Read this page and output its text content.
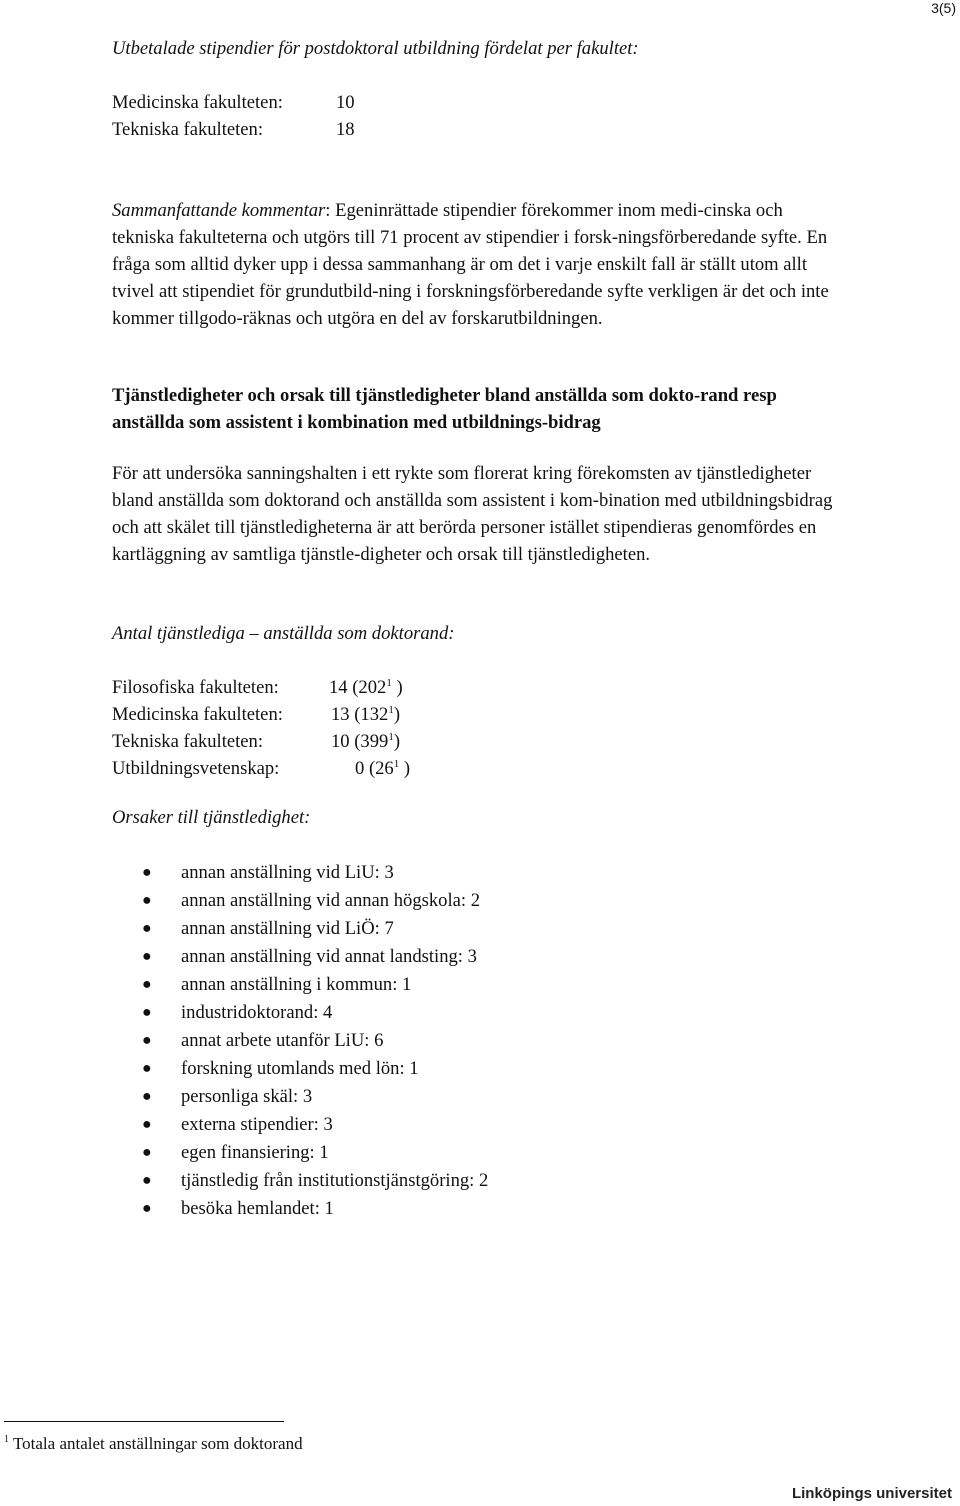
3(5)

Utbetalade stipendier för postdoktoral utbildning fördelat per fakultet:

Medicinska fakulteten:	10
Tekniska fakulteten:	18

Sammanfattande kommentar: Egeninrättade stipendier förekommer inom medi-cinska och tekniska fakulteterna och utgörs till 71 procent av stipendier i forsk-ningsförberedande syfte. En fråga som alltid dyker upp i dessa sammanhang är om det i varje enskilt fall är ställt utom allt tvivel att stipendiet för grundutbild-ning i forskningsförberedande syfte verkligen är det och inte kommer tillgodo-räknas och utgöra en del av forskarutbildningen.

Tjänstledigheter och orsak till tjänstledigheter bland anställda som dokto-rand resp anställda som assistent i kombination med utbildnings-bidrag

För att undersöka sanningshalten i ett rykte som florerat kring förekomsten av tjänstledigheter bland anställda som doktorand och anställda som assistent i kom-bination med utbildningsbidrag och att skälet till tjänstledigheterna är att berörda personer istället stipendieras genomfördes en kartläggning av samtliga tjänstle-digheter och orsak till tjänstledigheten.

Antal tjänstlediga – anställda som doktorand:

Filosofiska fakulteten:	14 ($202^1$ )
Medicinska fakulteten:	13 $(132^1)$
Tekniska fakulteten:	10 $(399^1)$
Utbildningsvetenskap:	0 ($26^1$ )

Orsaker till tjänstledighet:

● annan anställning vid LiU: 3
● annan anställning vid annan högskola: 2
● annan anställning vid LiÖ: 7
● annan anställning vid annat landsting: 3
● annan anställning i kommun: 1
● industridoktorand: 4
● annat arbete utanför LiU: 6
● forskning utomlands med lön: 1
● personliga skäl: 3
● externa stipendier: 3
● egen finansiering: 1
● tjänstledig från institutionstjänstgöring: 2
● besöka hemlandet: 1
$^1$ Totala antalet anställningar som doktorand
Linköpings universitet
